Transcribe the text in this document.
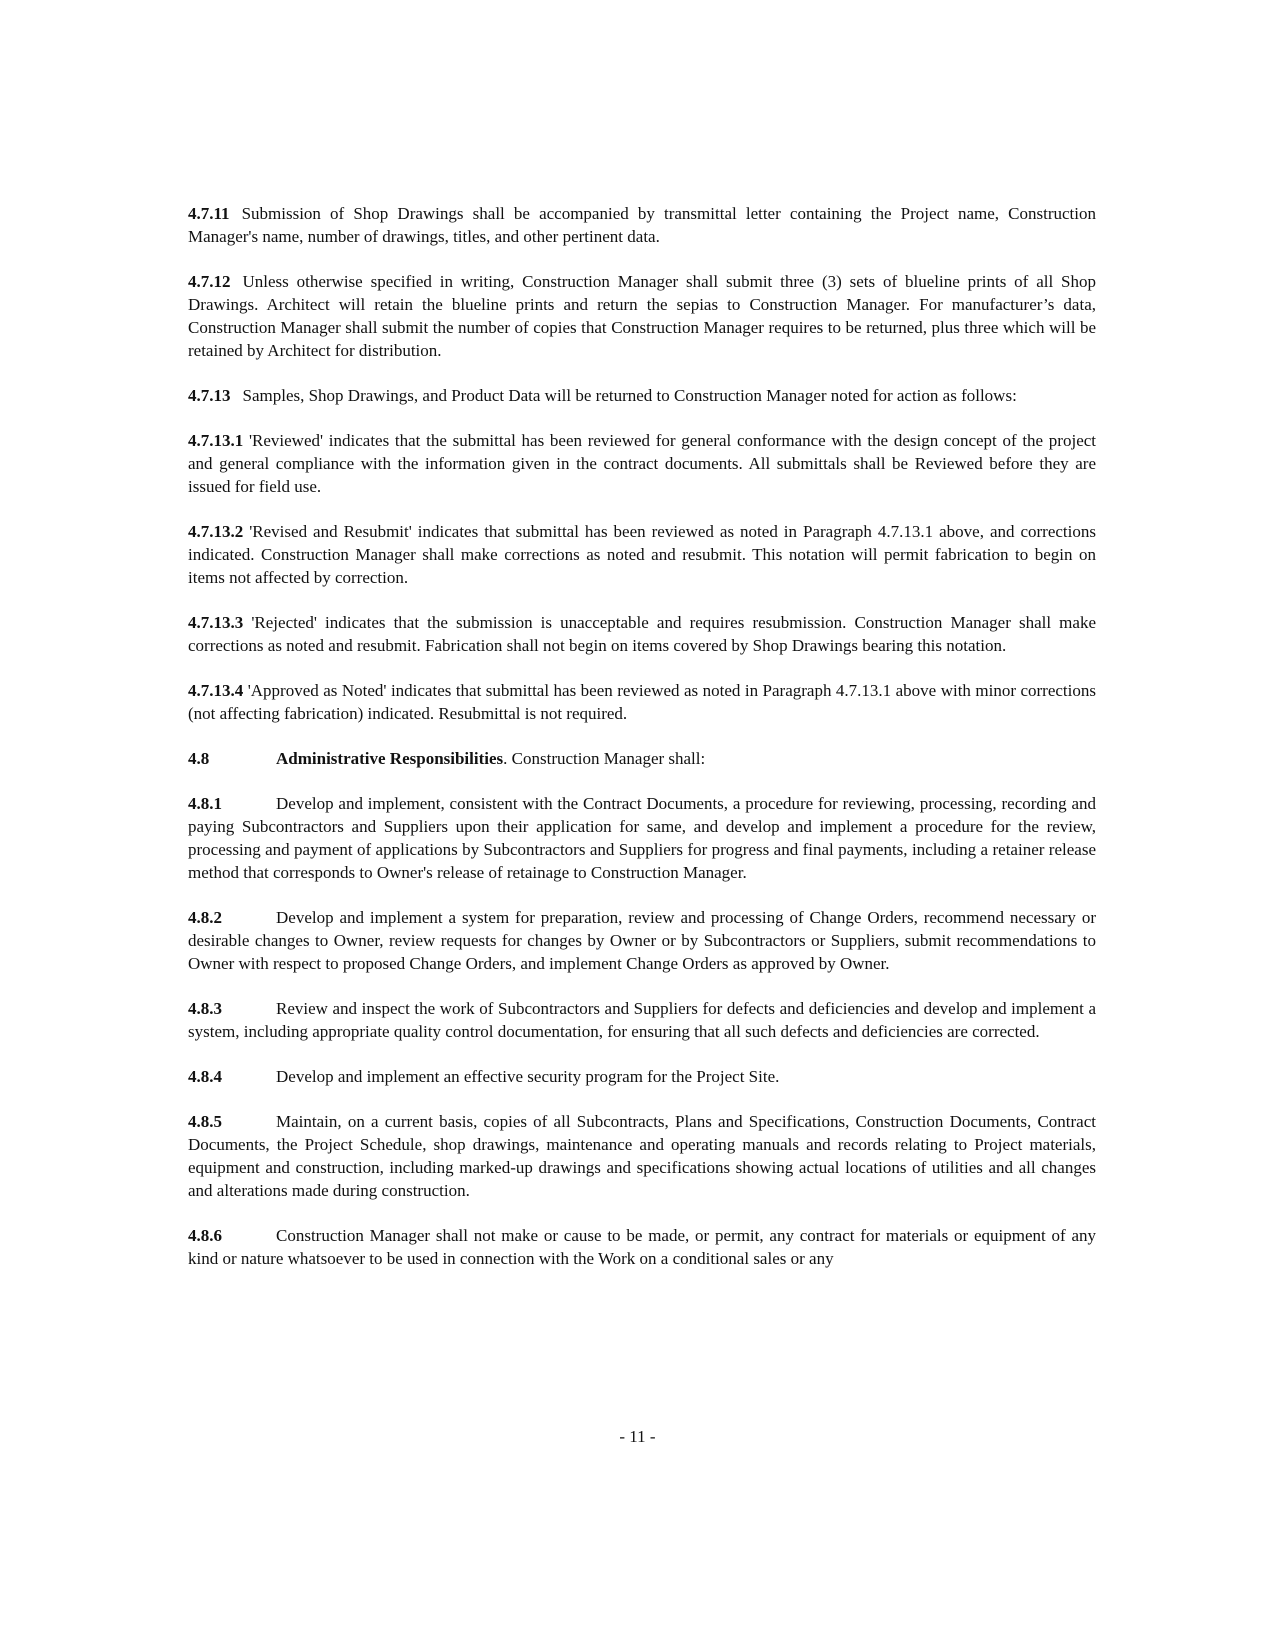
4.7.11 Submission of Shop Drawings shall be accompanied by transmittal letter containing the Project name, Construction Manager's name, number of drawings, titles, and other pertinent data.

4.7.12 Unless otherwise specified in writing, Construction Manager shall submit three (3) sets of blueline prints of all Shop Drawings. Architect will retain the blueline prints and return the sepias to Construction Manager. For manufacturer’s data, Construction Manager shall submit the number of copies that Construction Manager requires to be returned, plus three which will be retained by Architect for distribution.

4.7.13 Samples, Shop Drawings, and Product Data will be returned to Construction Manager noted for action as follows:

4.7.13.1 'Reviewed' indicates that the submittal has been reviewed for general conformance with the design concept of the project and general compliance with the information given in the contract documents. All submittals shall be Reviewed before they are issued for field use.

4.7.13.2 'Revised and Resubmit' indicates that submittal has been reviewed as noted in Paragraph 4.7.13.1 above, and corrections indicated. Construction Manager shall make corrections as noted and resubmit. This notation will permit fabrication to begin on items not affected by correction.

4.7.13.3 'Rejected' indicates that the submission is unacceptable and requires resubmission. Construction Manager shall make corrections as noted and resubmit. Fabrication shall not begin on items covered by Shop Drawings bearing this notation.

4.7.13.4 'Approved as Noted' indicates that submittal has been reviewed as noted in Paragraph 4.7.13.1 above with minor corrections (not affecting fabrication) indicated. Resubmittal is not required.

4.8	Administrative Responsibilities. Construction Manager shall:

4.8.1	Develop and implement, consistent with the Contract Documents, a procedure for reviewing, processing, recording and paying Subcontractors and Suppliers upon their application for same, and develop and implement a procedure for the review, processing and payment of applications by Subcontractors and Suppliers for progress and final payments, including a retainer release method that corresponds to Owner's release of retainage to Construction Manager.

4.8.2	Develop and implement a system for preparation, review and processing of Change Orders, recommend necessary or desirable changes to Owner, review requests for changes by Owner or by Subcontractors or Suppliers, submit recommendations to Owner with respect to proposed Change Orders, and implement Change Orders as approved by Owner.

4.8.3	Review and inspect the work of Subcontractors and Suppliers for defects and deficiencies and develop and implement a system, including appropriate quality control documentation, for ensuring that all such defects and deficiencies are corrected.

4.8.4	Develop and implement an effective security program for the Project Site.

4.8.5	Maintain, on a current basis, copies of all Subcontracts, Plans and Specifications, Construction Documents, Contract Documents, the Project Schedule, shop drawings, maintenance and operating manuals and records relating to Project materials, equipment and construction, including marked-up drawings and specifications showing actual locations of utilities and all changes and alterations made during construction.

4.8.6	Construction Manager shall not make or cause to be made, or permit, any contract for materials or equipment of any kind or nature whatsoever to be used in connection with the Work on a conditional sales or any

- 11 -
